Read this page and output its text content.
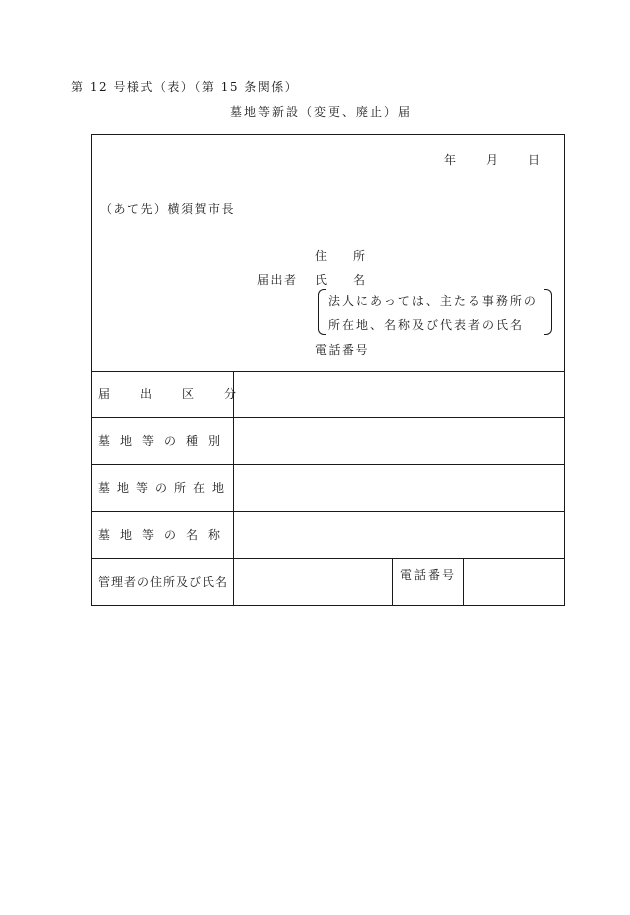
第 12 号様式（表）（第 15 条関係）
墓地等新設（変更、廃止）届
年	月	日
（あて先）横須賀市長
届出者
住所
氏名
法人にあっては、主たる事務所の
所在地、名称及び代表者の氏名
電話番号
届出区分
墓地等の種別
墓地等の所在地
墓地等の名称
管理者の住所及び氏名	電話番号
